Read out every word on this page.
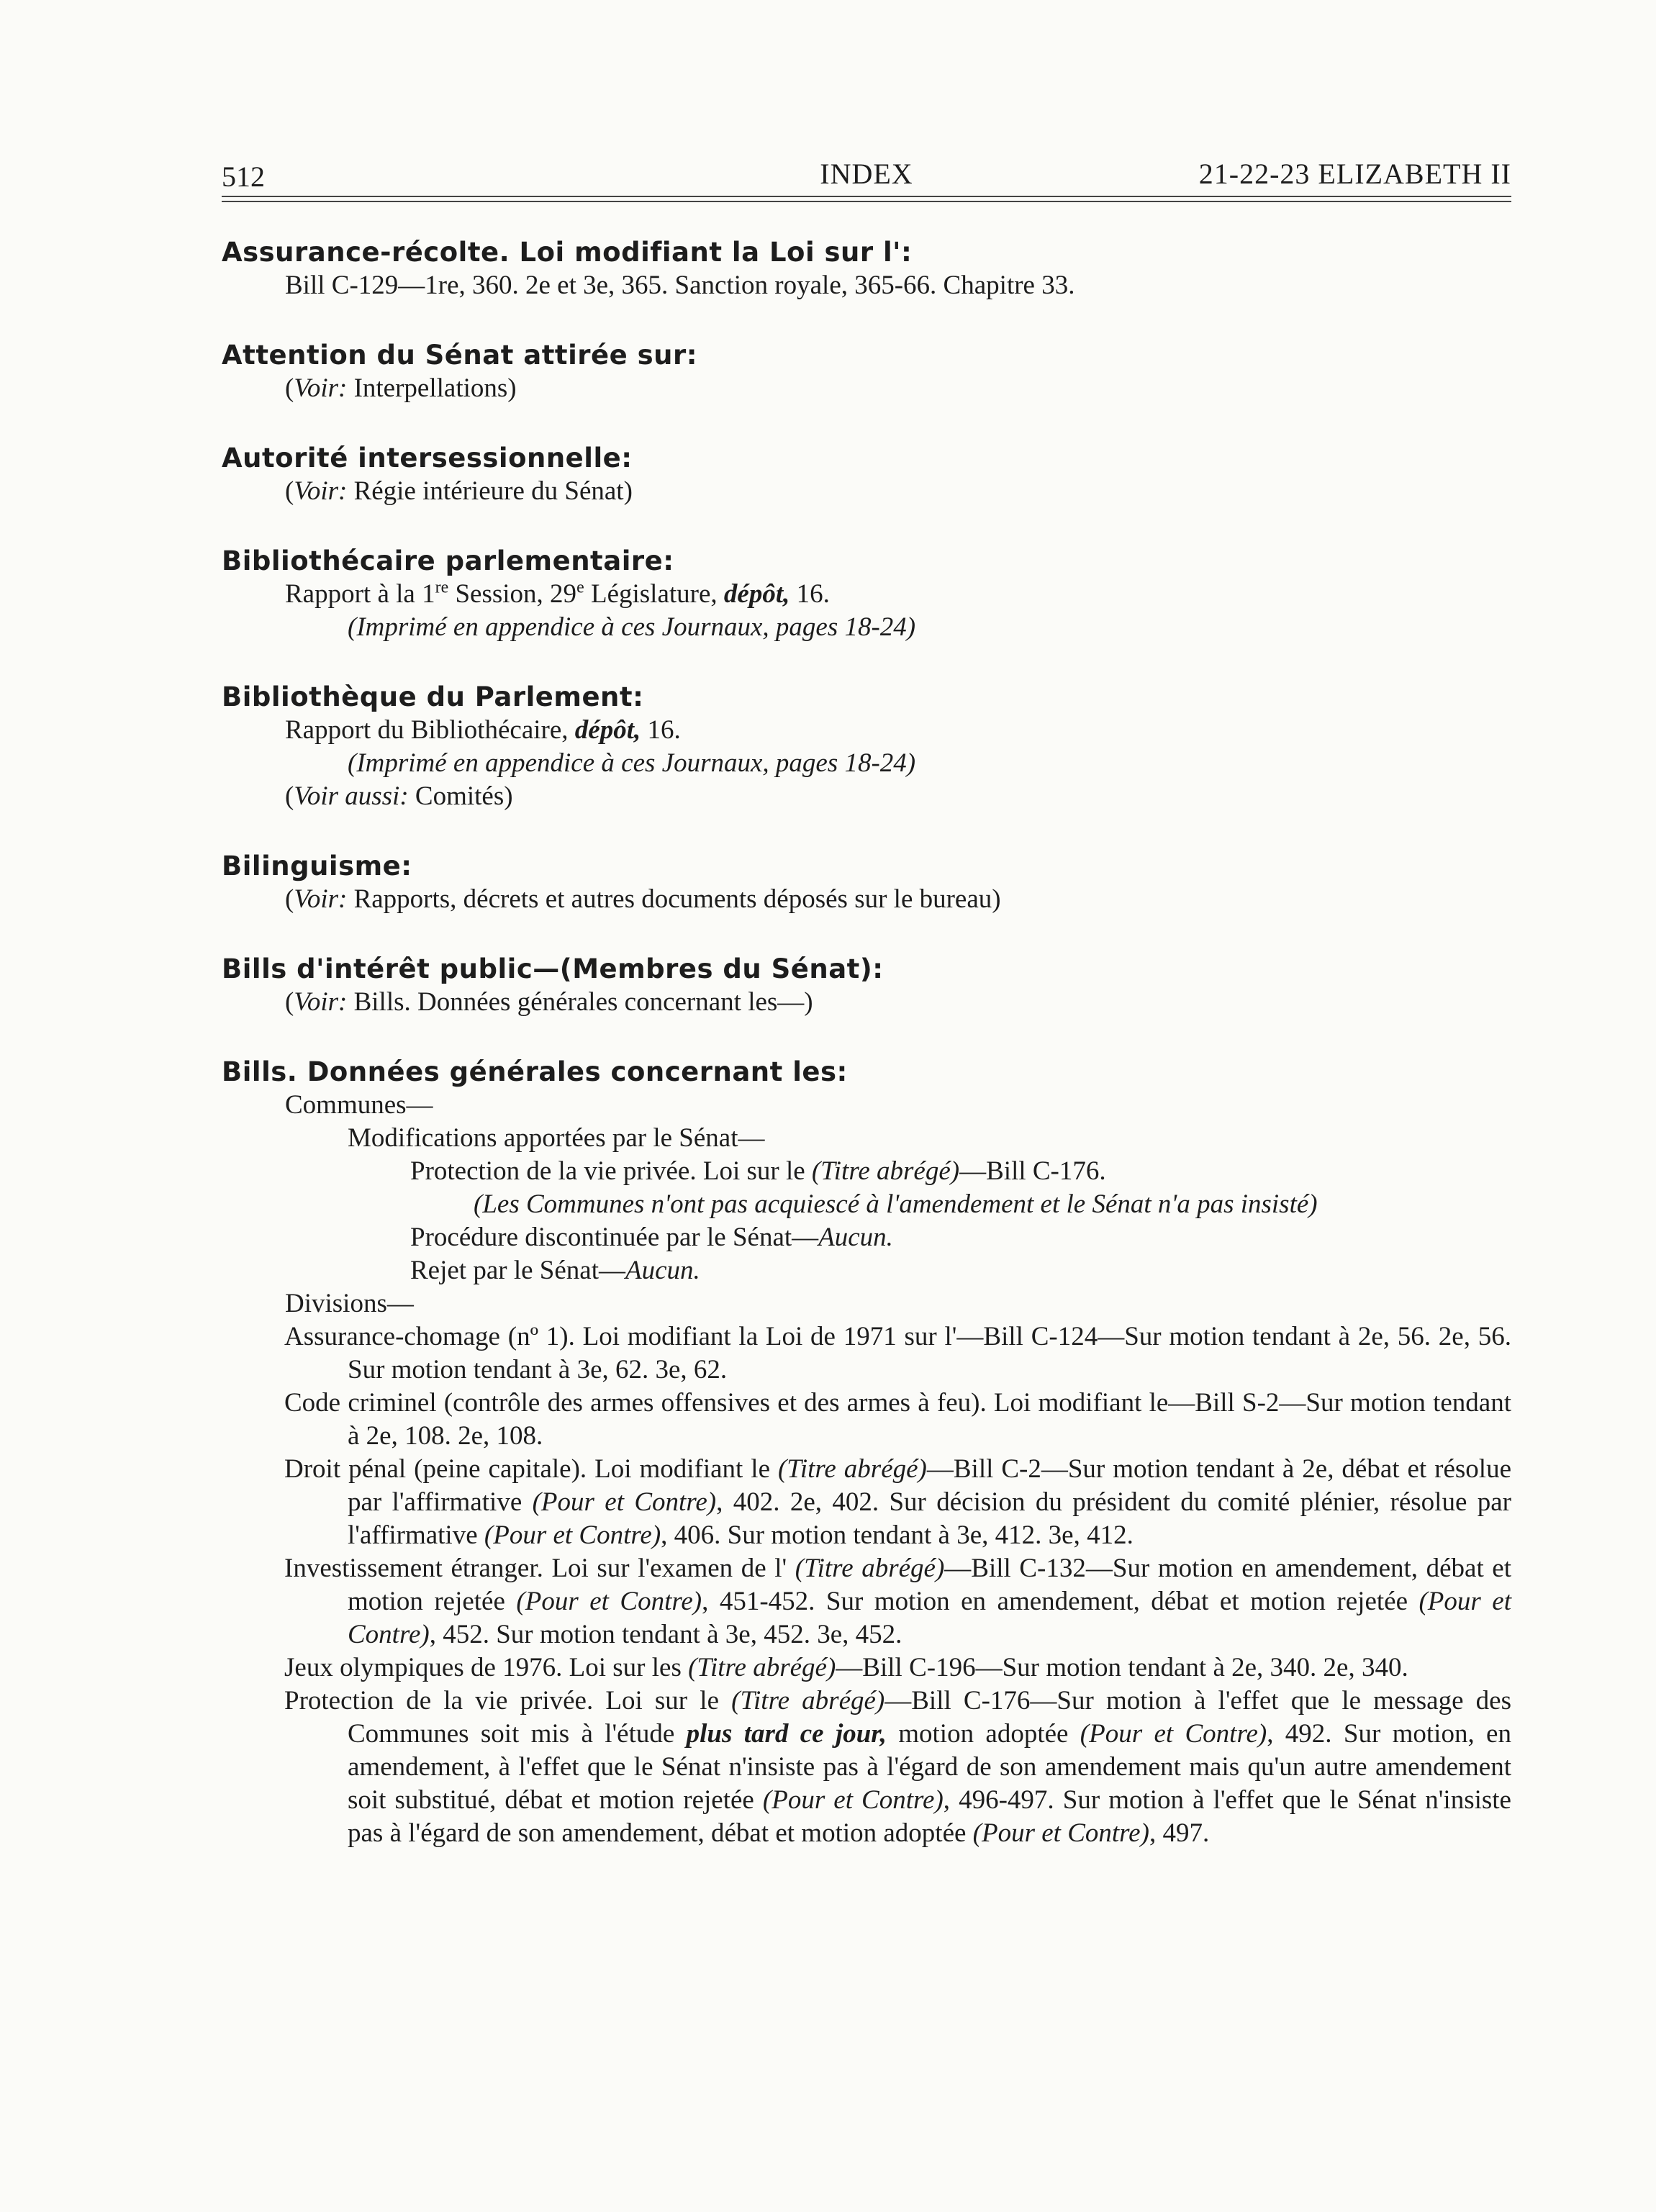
512	INDEX	21-22-23 ELIZABETH II
Assurance-récolte. Loi modifiant la Loi sur l':
Bill C-129—1re, 360. 2e et 3e, 365. Sanction royale, 365-66. Chapitre 33.
Attention du Sénat attirée sur:
(Voir: Interpellations)
Autorité intersessionnelle:
(Voir: Régie intérieure du Sénat)
Bibliothécaire parlementaire:
Rapport à la 1re Session, 29e Législature, dépôt, 16.
(Imprimé en appendice à ces Journaux, pages 18-24)
Bibliothèque du Parlement:
Rapport du Bibliothécaire, dépôt, 16.
(Imprimé en appendice à ces Journaux, pages 18-24)
(Voir aussi: Comités)
Bilinguisme:
(Voir: Rapports, décrets et autres documents déposés sur le bureau)
Bills d'intérêt public—(Membres du Sénat):
(Voir: Bills. Données générales concernant les—)
Bills. Données générales concernant les:
Communes—
Modifications apportées par le Sénat—
Protection de la vie privée. Loi sur le (Titre abrégé)—Bill C-176.
(Les Communes n'ont pas acquiescé à l'amendement et le Sénat n'a pas insisté)
Procédure discontinuée par le Sénat—Aucun.
Rejet par le Sénat—Aucun.
Divisions—
Assurance-chomage (nº 1). Loi modifiant la Loi de 1971 sur l'—Bill C-124—Sur motion tendant à 2e, 56. 2e, 56. Sur motion tendant à 3e, 62. 3e, 62.
Code criminel (contrôle des armes offensives et des armes à feu). Loi modifiant le—Bill S-2—Sur motion tendant à 2e, 108. 2e, 108.
Droit pénal (peine capitale). Loi modifiant le (Titre abrégé)—Bill C-2—Sur motion tendant à 2e, débat et résolue par l'affirmative (Pour et Contre), 402. 2e, 402. Sur décision du président du comité plénier, résolue par l'affirmative (Pour et Contre), 406. Sur motion tendant à 3e, 412. 3e, 412.
Investissement étranger. Loi sur l'examen de l' (Titre abrégé)—Bill C-132—Sur motion en amendement, débat et motion rejetée (Pour et Contre), 451-452. Sur motion en amendement, débat et motion rejetée (Pour et Contre), 452. Sur motion tendant à 3e, 452. 3e, 452.
Jeux olympiques de 1976. Loi sur les (Titre abrégé)—Bill C-196—Sur motion tendant à 2e, 340. 2e, 340.
Protection de la vie privée. Loi sur le (Titre abrégé)—Bill C-176—Sur motion à l'effet que le message des Communes soit mis à l'étude plus tard ce jour, motion adoptée (Pour et Contre), 492. Sur motion, en amendement, à l'effet que le Sénat n'insiste pas à l'égard de son amendement mais qu'un autre amendement soit substitué, débat et motion rejetée (Pour et Contre), 496-497. Sur motion à l'effet que le Sénat n'insiste pas à l'égard de son amendement, débat et motion adoptée (Pour et Contre), 497.
